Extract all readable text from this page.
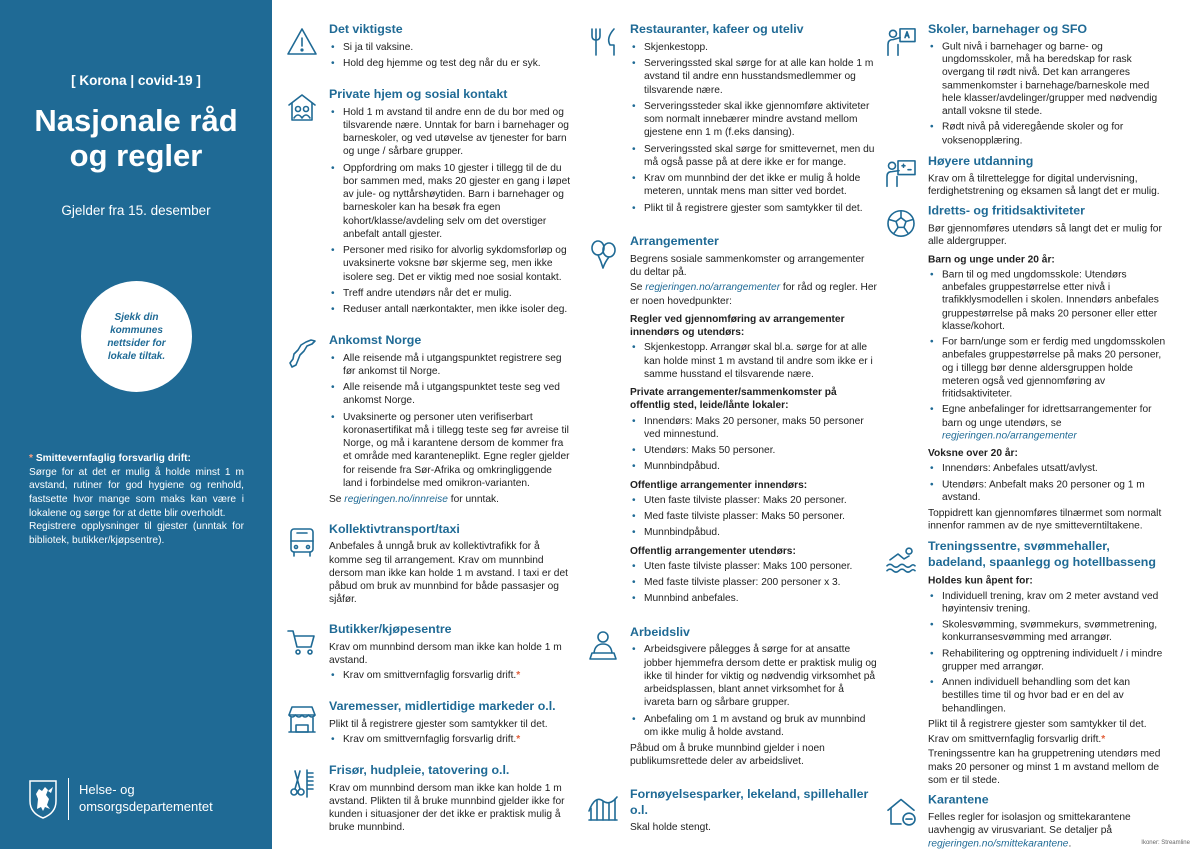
[ Korona | covid-19 ]
Nasjonale råd
og regler
Gjelder fra 15. desember
Sjekk din kommunes nettsider for lokale tiltak.
* Smittevernfaglig forsvarlig drift:

Sørge for at det er mulig å holde minst 1 m avstand, rutiner for god hygiene og renhold, fastsette hvor mange som maks kan være i lokalene og sørge for at dette blir overholdt.

Registrere opplysninger til gjester (unntak for bibliotek, butikker/kjøpsentre).

Helse- og
omsorgsdepartementet
Det viktigste
• Si ja til vaksine.
• Hold deg hjemme og test deg når du er syk.
Private hjem og sosial kontakt
• Hold 1 m avstand til andre enn de du bor med og tilsvarende nære. Unntak for barn i barnehager og barneskoler, og ved utøvelse av tjenester for barn og unge / sårbare grupper.
• Oppfordring om maks 10 gjester i tillegg til de du bor sammen med, maks 20 gjester en gang i løpet av jule- og nyttårshøytiden. Barn i barnehager og barneskoler kan ha besøk fra egen kohort/klasse/avdeling selv om det overstiger anbefalt antall gjester.
• Personer med risiko for alvorlig sykdomsforløp og uvaksinerte voksne bør skjerme seg, men ikke isolere seg. Det er viktig med noe sosial kontakt.
• Treff andre utendørs når det er mulig.
• Reduser antall nærkontakter, men ikke isoler deg.
Ankomst Norge
• Alle reisende må i utgangspunktet registrere seg før ankomst til Norge.
• Alle reisende må i utgangspunktet teste seg ved ankomst Norge.
• Uvaksinerte og personer uten verifiserbart koronasertifikat må i tillegg teste seg før avreise til Norge, og må i karantene dersom de kommer fra et område med karanteneplikt. Egne regler gjelder for reisende fra Sør-Afrika og omkringliggende land i forbindelse med omikron-varianten.
Se regjeringen.no/innreise for unntak.
Kollektivtransport/taxi
Anbefales å unngå bruk av kollektivtrafikk for å komme seg til arrangement. Krav om munnbind dersom man ikke kan holde 1 m avstand. I taxi er det påbud om bruk av munnbind for både passasjer og sjåfør.
Butikker/kjøpesentre
Krav om munnbind dersom man ikke kan holde 1 m avstand.
• Krav om smittvernfaglig forsvarlig drift.*
Varemesser, midlertidige markeder o.l.
Plikt til å registrere gjester som samtykker til det.
• Krav om smittvernfaglig forsvarlig drift.*
Frisør, hudpleie, tatovering o.l.
Krav om munnbind dersom man ikke kan holde 1 m avstand. Plikten til å bruke munnbind gjelder ikke for kunden i situasjoner der det ikke er praktisk mulig å bruke munnbind.
Restauranter, kafeer og uteliv
• Skjenkestopp.
• Serveringssted skal sørge for at alle kan holde 1 m avstand til andre enn husstandsmedlemmer og tilsvarende nære.
• Serveringssteder skal ikke gjennomføre aktiviteter som normalt innebærer mindre avstand mellom gjestene enn 1 m (f.eks dansing).
• Serveringssted skal sørge for smittevernet, men du må også passe på at dere ikke er for mange.
• Krav om munnbind der det ikke er mulig å holde meteren, unntak mens man sitter ved bordet.
• Plikt til å registrere gjester som samtykker til det.
Arrangementer
Begrens sosiale sammenkomster og arrangementer du deltar på.
Se regjeringen.no/arrangementer for råd og regler. Her er noen hovedpunkter:
Regler ved gjennomføring av arrangementer innendørs og utendørs:
• Skjenkestopp. Arrangør skal bl.a. sørge for at alle kan holde minst 1 m avstand til andre som ikke er i samme husstand el tilsvarende nære.
Private arrangementer/sammenkomster på offentlig sted, leide/lånte lokaler:
• Innendørs: Maks 20 personer, maks 50 personer ved minnestund.
• Utendørs: Maks 50 personer.
• Munnbindpåbud.
Offentlige arrangementer innendørs:
• Uten faste tilviste plasser: Maks 20 personer.
• Med faste tilviste plasser: Maks 50 personer.
• Munnbindpåbud.
Offentlig arrangementer utendørs:
• Uten faste tilviste plasser: Maks 100 personer.
• Med faste tilviste plasser: 200 personer x 3.
• Munnbind anbefales.
Arbeidsliv
• Arbeidsgivere pålegges å sørge for at ansatte jobber hjemmefra dersom dette er praktisk mulig og ikke til hinder for viktig og nødvendig virksomhet på arbeidsplassen, blant annet virksomhet for å ivareta barn og sårbare grupper.
• Anbefaling om 1 m avstand og bruk av munnbind om ikke mulig å holde avstand.
Påbud om å bruke munnbind gjelder i noen publikumsrettede deler av arbeidslivet.
Fornøyelsesparker, lekeland, spillehaller o.l.
Skal holde stengt.
Skoler, barnehager og SFO
• Gult nivå i barnehager og barne- og ungdomsskoler, må ha beredskap for rask overgang til rødt nivå. Det kan arrangeres sammenkomster i barnehage/barneskole med hele klasser/avdelinger/grupper med nødvendig antall voksne til stede.
• Rødt nivå på videregående skoler og for voksenopplæring.
Høyere utdanning
Krav om å tilrettelegge for digital undervisning, ferdighetstrening og eksamen så langt det er mulig.
Idretts- og fritidsaktiviteter
Bør gjennomføres utendørs så langt det er mulig for alle aldergrupper.
Barn og unge under 20 år:
• Barn til og med ungdomsskole: Utendørs anbefales gruppestørrelse etter nivå i trafikklysmodellen i skolen. Innendørs anbefales gruppestørrelse på maks 20 personer eller etter klasse/kohort.
• For barn/unge som er ferdig med ungdomsskolen anbefales gruppestørrelse på maks 20 personer, og i tillegg bør denne aldersgruppen holde meteren også ved gjennomføring av fritidsaktiviteter.
• Egne anbefalinger for idrettsarrangementer for barn og unge utendørs, se regjeringen.no/arrangementer
Voksne over 20 år:
• Innendørs: Anbefales utsatt/avlyst.
• Utendørs: Anbefalt maks 20 personer og 1 m avstand.
Toppidrett kan gjennomføres tilnærmet som normalt innenfor rammen av de nye smitteverntiltakene.
Treningssentre, svømmehaller, badeland, spaanlegg og hotellbasseng
Holdes kun åpent for:
• Individuell trening, krav om 2 meter avstand ved høyintensiv trening.
• Skolesvømming, svømmekurs, svømmetrening, konkurransesvømming med arrangør.
• Rehabilitering og opptrening individuelt / i mindre grupper med arrangør.
• Annen individuell behandling som det kan bestilles time til og hvor bad er en del av behandlingen.
Plikt til å registrere gjester som samtykker til det.
Krav om smittvernfaglig forsvarlig drift.*
Treningssentre kan ha gruppetrening utendørs med maks 20 personer og minst 1 m avstand mellom de som er til stede.
Karantene
Felles regler for isolasjon og smittekarantene uavhengig av virusvariant. Se detaljer på regjeringen.no/smittekarantene.	Ikoner: Streamline
